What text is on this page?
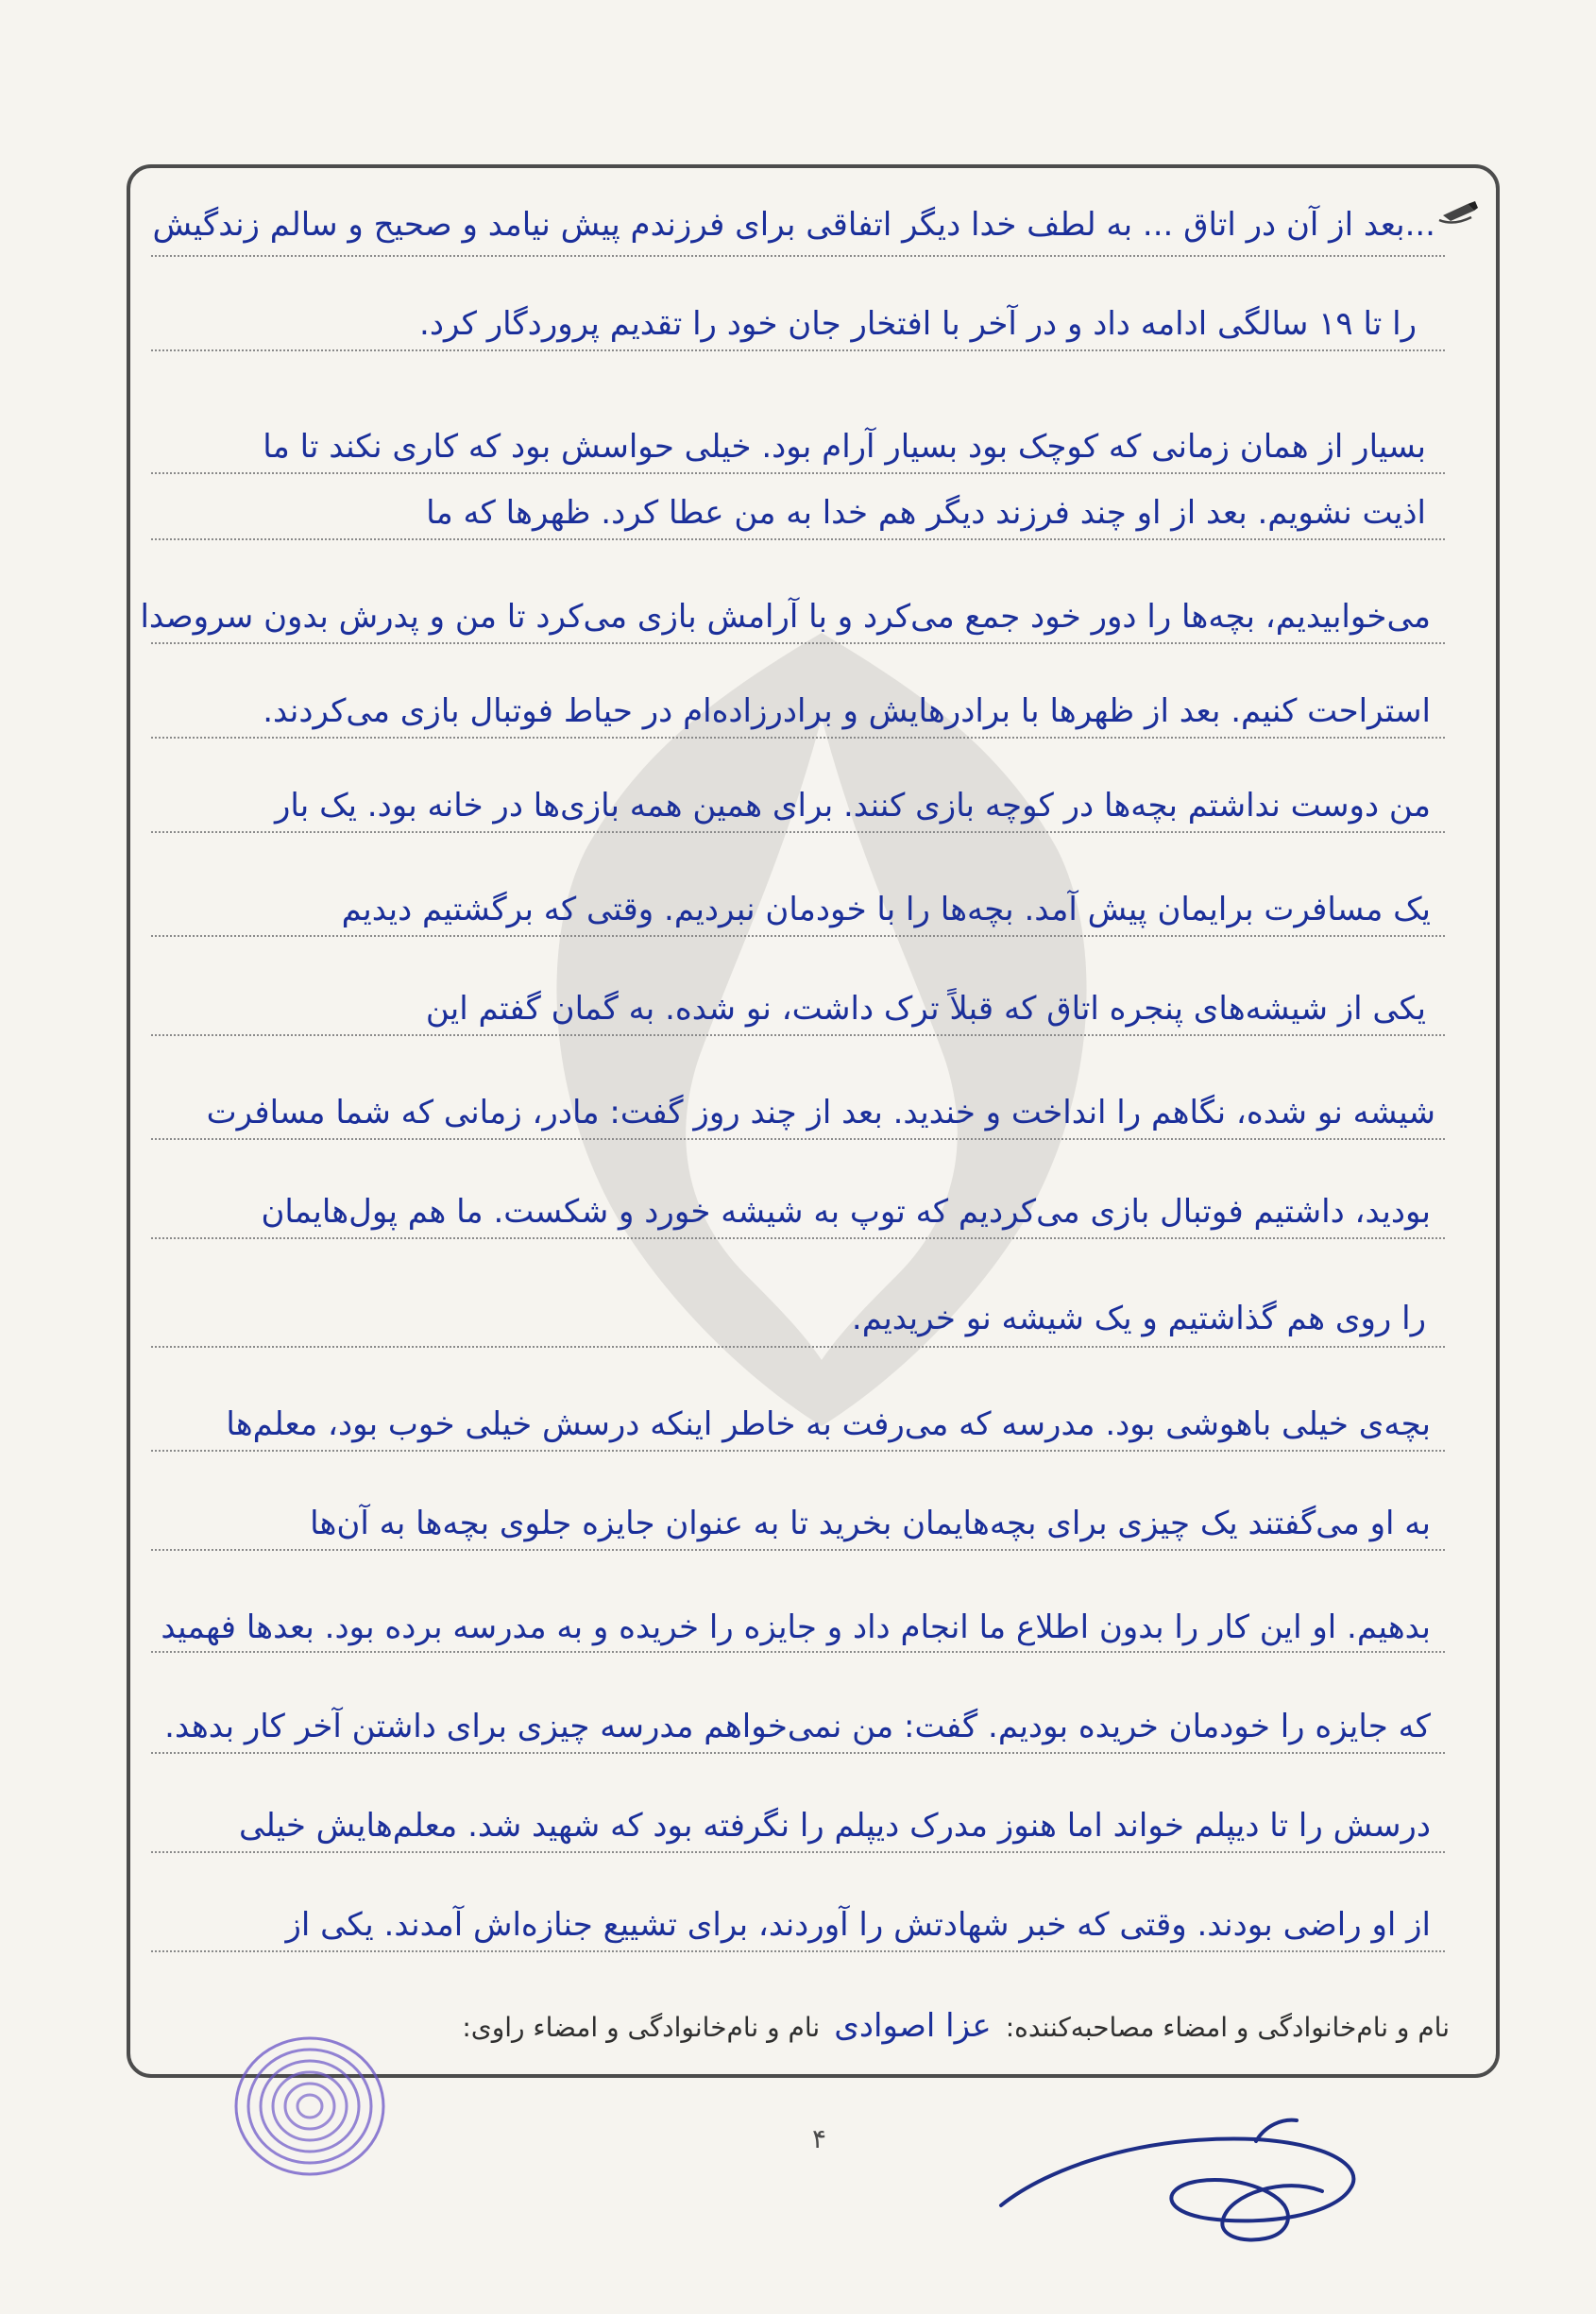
...بعد از آن در اتاق ... به لطف خدا دیگر اتفاقی برای فرزندم پیش نیامد و صحیح و سالم زندگیش
را تا ۱۹ سالگی ادامه داد و در آخر با افتخار جان خود را تقدیم پروردگار کرد.
بسیار از همان زمانی که کوچک بود بسیار آرام بود. خیلی حواسش بود که کاری نکند تا ما
اذیت نشویم. بعد از او چند فرزند دیگر هم خدا به من عطا کرد. ظهرها که ما
می‌خوابیدیم، بچه‌ها را دور خود جمع می‌کرد و با آرامش بازی می‌کرد تا من و پدرش بدون سروصدا
استراحت کنیم. بعد از ظهرها با برادرهایش و برادرزاده‌ام در حیاط فوتبال بازی می‌کردند.
من دوست نداشتم بچه‌ها در کوچه بازی کنند. برای همین همه بازی‌ها در خانه بود. یک بار
یک مسافرت برایمان پیش آمد. بچه‌ها را با خودمان نبردیم. وقتی که برگشتیم دیدیم
یکی از شیشه‌های پنجره اتاق که قبلاً ترک داشت، نو شده. به گمان گفتم این
شیشه نو شده، نگاهم را انداخت و خندید. بعد از چند روز گفت: مادر، زمانی که شما مسافرت
بودید، داشتیم فوتبال بازی می‌کردیم که توپ به شیشه خورد و شکست. ما هم پول‌هایمان
را روی هم گذاشتیم و یک شیشه نو خریدیم.
بچه‌ی خیلی باهوشی بود. مدرسه که می‌رفت به خاطر اینکه درسش خیلی خوب بود، معلم‌ها
به او می‌گفتند یک چیزی برای بچه‌هایمان بخرید تا به عنوان جایزه جلوی بچه‌ها به آن‌ها
بدهیم. او این کار را بدون اطلاع ما انجام داد و جایزه را خریده و به مدرسه برده بود. بعدها فهمید
که جایزه را خودمان خریده بودیم. گفت: من نمی‌خواهم مدرسه چیزی برای داشتن آخر کار بدهد.
درسش را تا دیپلم خواند اما هنوز مدرک دیپلم را نگرفته بود که شهید شد. معلم‌هایش خیلی
از او راضی بودند. وقتی که خبر شهادتش را آوردند، برای تشییع جنازه‌اش آمدند. یکی از
نام و نام‌خانوادگی و امضاء مصاحبه‌کننده: عزا اصوادی نام و نام‌خانوادگی و امضاء راوی:
۴
